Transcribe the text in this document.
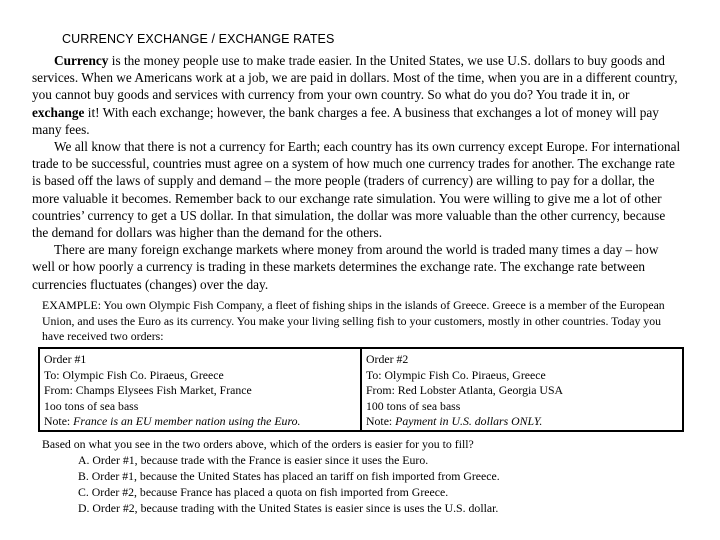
CURRENCY EXCHANGE / EXCHANGE RATES

Currency is the money people use to make trade easier. In the United States, we use U.S. dollars to buy goods and services. When we Americans work at a job, we are paid in dollars. Most of the time, when you are in a different country, you cannot buy goods and services with currency from your own country. So what do you do? You trade it in, or exchange it! With each exchange; however, the bank charges a fee. A business that exchanges a lot of money will pay many fees.

We all know that there is not a currency for Earth; each country has its own currency except Europe. For international trade to be successful, countries must agree on a system of how much one currency trades for another. The exchange rate is based off the laws of supply and demand – the more people (traders of currency) are willing to pay for a dollar, the more valuable it becomes. Remember back to our exchange rate simulation. You were willing to give me a lot of other countries’ currency to get a US dollar. In that simulation, the dollar was more valuable than the other currency, because the demand for dollars was higher than the demand for the others.

There are many foreign exchange markets where money from around the world is traded many times a day – how well or how poorly a currency is trading in these markets determines the exchange rate. The exchange rate between currencies fluctuates (changes) over the day.

EXAMPLE: You own Olympic Fish Company, a fleet of fishing ships in the islands of Greece. Greece is a member of the European Union, and uses the Euro as its currency. You make your living selling fish to your customers, mostly in other countries. Today you have received two orders:
Order #1
To: Olympic Fish Co. Piraeus, Greece
From: Champs Elysees Fish Market, France
1oo tons of sea bass
Note: France is an EU member nation using the Euro.
Order #2
To: Olympic Fish Co. Piraeus, Greece
From: Red Lobster Atlanta, Georgia USA
100 tons of sea bass
Note: Payment in U.S. dollars ONLY.
Based on what you see in the two orders above, which of the orders is easier for you to fill?
A. Order #1, because trade with the France is easier since it uses the Euro.
B. Order #1, because the United States has placed an tariff on fish imported from Greece.
C. Order #2, because France has placed a quota on fish imported from Greece.
D. Order #2, because trading with the United States is easier since is uses the U.S. dollar.
